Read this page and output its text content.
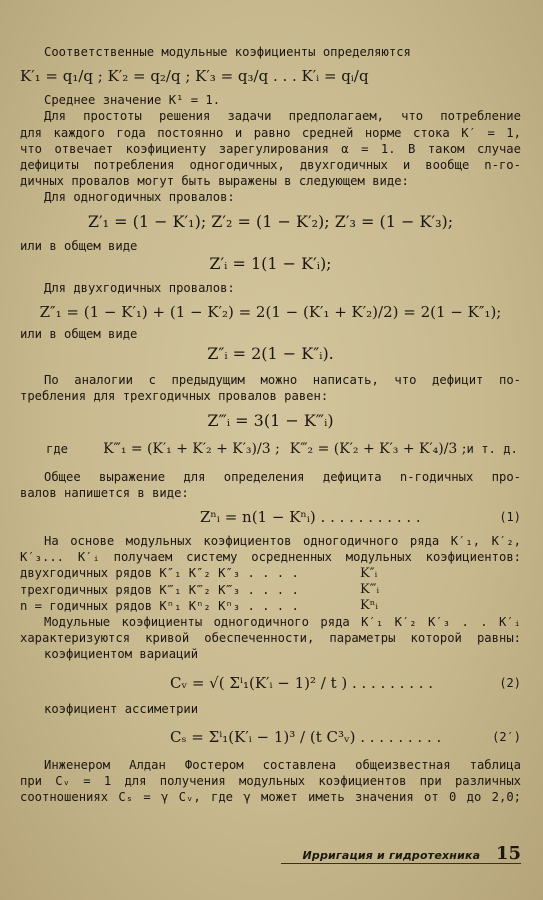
Соответственные модульные коэфициенты определяются

K′₁ = q₁/q ; K′₂ = q₂/q ; K′₃ = q₃/q . . . K′ᵢ = qᵢ/q

Среднее значение K¹ = 1.

Для простоты решения задачи предполагаем, что потребление

для каждого года постоянно и равно средней норме стока K′ = 1,

что отвечает коэфициенту зарегулирования α = 1. В таком случае

дефициты потребления одногодичных, двухгодичных и вообще n-го-

дичных провалов могут быть выражены в следующем виде:

Для одногодичных провалов:

Z′₁ = (1 − K′₁); Z′₂ = (1 − K′₂); Z′₃ = (1 − K′₃);

или в общем виде

Z′ᵢ = 1(1 − K′ᵢ);

Для двухгодичных провалов:

Z″₁ = (1 − K′₁) + (1 − K′₂) = 2(1 − (K′₁ + K′₂)/2) = 2(1 − K″₁);

или в общем виде

Z″ᵢ = 2(1 − K″ᵢ).

По аналогии с предыдущим можно написать, что дефицит по-

требления для трехгодичных провалов равен:

Z‴ᵢ = 3(1 − K‴ᵢ)

где	K‴₁ = (K′₁ + K′₂ + K′₃)/3 ; K‴₂ = (K′₂ + K′₃ + K′₄)/3 ; и т. д.

Общее выражение для определения дефицита n-годичных про-

валов напишется в виде:

Zⁿᵢ = n(1 − Kⁿᵢ) . . . . . . . . . . .	(1)

На основе модульных коэфициентов одногодичного ряда K′₁, K′₂,

K′₃... K′ᵢ получаем систему осредненных модульных коэфициентов:

двухгодичных рядов K″₁ K″₂ K″₃ . . . .	K″ᵢ
трехгодичных рядов K‴₁ K‴₂ K‴₃ . . . .	K‴ᵢ
n = годичных рядов Kⁿ₁ Kⁿ₂ Kⁿ₃ . . . .	Kⁿᵢ

Модульные коэфициенты одногодичного ряда K′₁ K′₂ K′₃ . . K′ᵢ

характеризуются кривой обеспеченности, параметры которой равны:

коэфициентом вариаций

Cᵥ = √( Σⁱ₁(K′ᵢ − 1)² / t ) . . . . . . . . .	(2)

коэфициент ассиметрии

Cₛ = Σⁱ₁(K′ᵢ − 1)³ / (t C³ᵥ) . . . . . . . . .	(2′)

Инженером Алдан Фостером составлена общеизвестная таблица

при Cᵥ = 1 для получения модульных коэфициентов при различных

соотношениях Cₛ = γ Cᵥ, где γ может иметь значения от 0 до 2,0;

Ирригация и гидротехника 15
